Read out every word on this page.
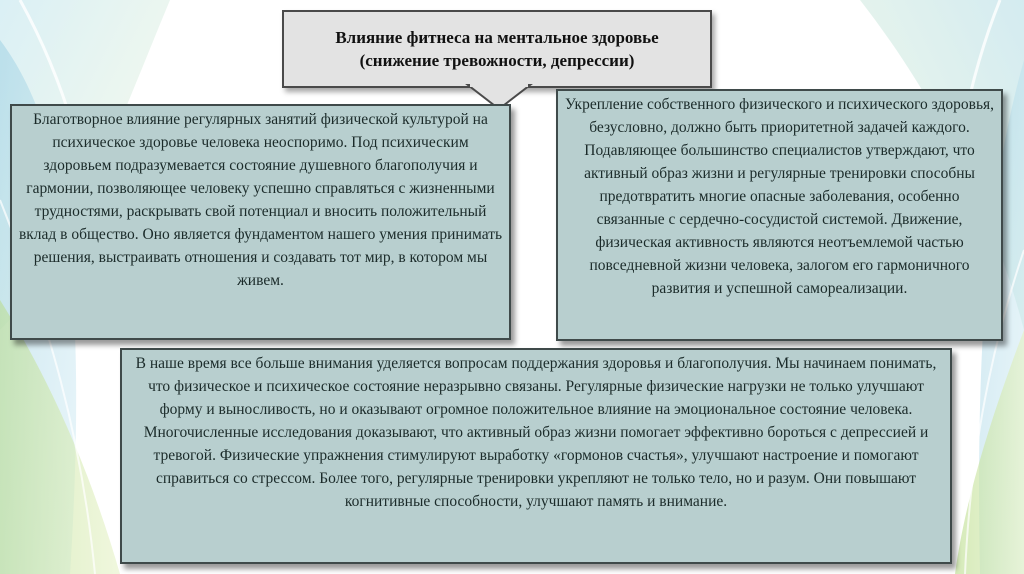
Влияние фитнеса на ментальное здоровье
(снижение тревожности, депрессии)

Благотворное влияние регулярных занятий физической культурой на психическое здоровье человека неоспоримо. Под психическим здоровьем подразумевается состояние душевного благополучия и гармонии, позволяющее человеку успешно справляться с жизненными трудностями, раскрывать свой потенциал и вносить положительный вклад в общество. Оно является фундаментом нашего умения принимать решения, выстраивать отношения и создавать тот мир, в котором мы живем.

Укрепление собственного физического и психического здоровья, безусловно, должно быть приоритетной задачей каждого. Подавляющее большинство специалистов утверждают, что активный образ жизни и регулярные тренировки способны предотвратить многие опасные заболевания, особенно связанные с сердечно-сосудистой системой. Движение, физическая активность являются неотъемлемой частью повседневной жизни человека, залогом его гармоничного развития и успешной самореализации.

В наше время все больше внимания уделяется вопросам поддержания здоровья и благополучия. Мы начинаем понимать, что физическое и психическое состояние неразрывно связаны. Регулярные физические нагрузки не только улучшают форму и выносливость, но и оказывают огромное положительное влияние на эмоциональное состояние человека. Многочисленные исследования доказывают, что активный образ жизни помогает эффективно бороться с депрессией и тревогой. Физические упражнения стимулируют выработку «гормонов счастья», улучшают настроение и помогают справиться со стрессом. Более того, регулярные тренировки укрепляют не только тело, но и разум. Они повышают когнитивные способности, улучшают память и внимание.
